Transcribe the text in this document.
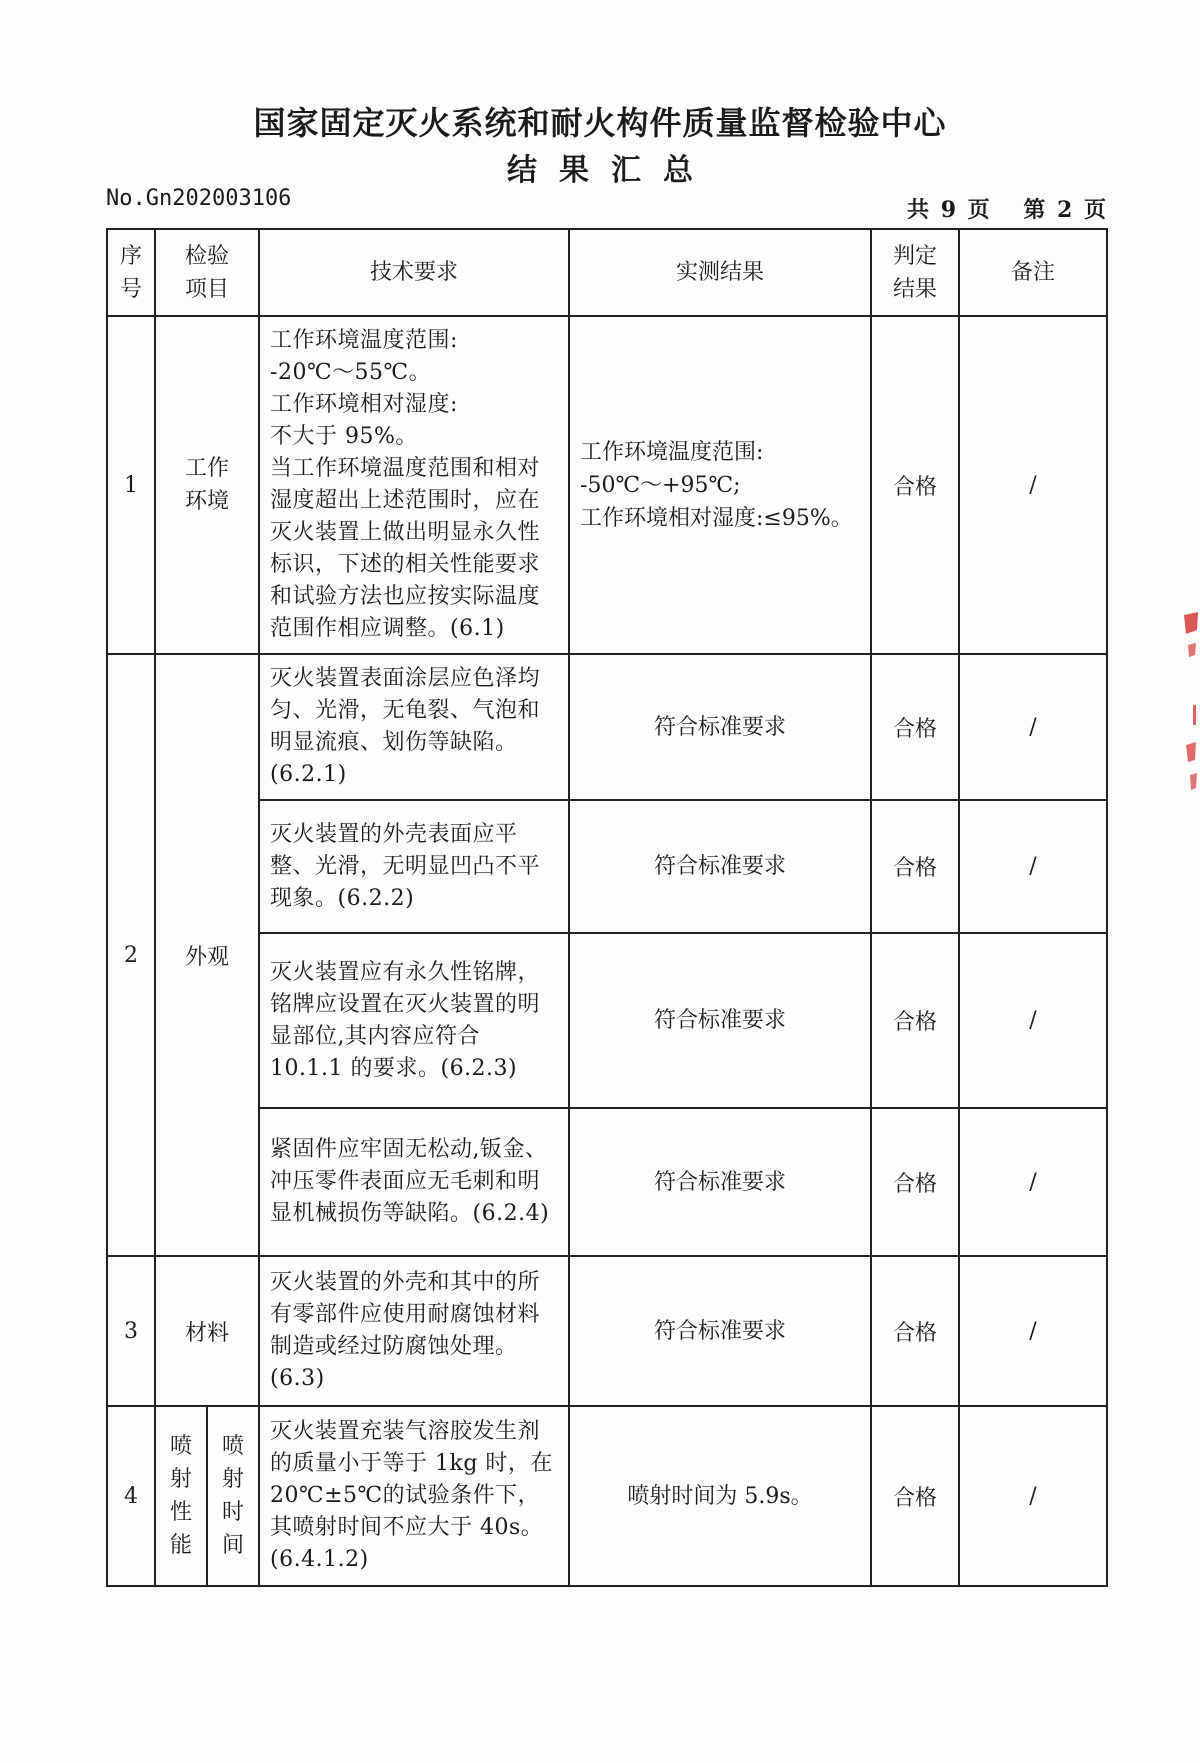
国家固定灭火系统和耐火构件质量监督检验中心
结果汇总
No.Gn202003106	共 9 页 第 2 页
序号	检验项目		技术要求	实测结果	判定结果	备注
1	工作环境		工作环境温度范围:
-20℃～55℃。
工作环境相对湿度:
不大于 95%。
当工作环境温度范围和相对湿度超出上述范围时，应在灭火装置上做出明显永久性标识，下述的相关性能要求和试验方法也应按实际温度范围作相应调整。(6.1)	工作环境温度范围:
-50℃～+95℃;
工作环境相对湿度:≤95%。	合格	/
2	外观		灭火装置表面涂层应色泽均匀、光滑，无龟裂、气泡和明显流痕、划伤等缺陷。(6.2.1)	符合标准要求	合格	/
			灭火装置的外壳表面应平整、光滑，无明显凹凸不平现象。(6.2.2)	符合标准要求	合格	/
			灭火装置应有永久性铭牌，铭牌应设置在灭火装置的明显部位,其内容应符合 10.1.1 的要求。(6.2.3)	符合标准要求	合格	/
			紧固件应牢固无松动,钣金、冲压零件表面应无毛刺和明显机械损伤等缺陷。(6.2.4)	符合标准要求	合格	/
3	材料		灭火装置的外壳和其中的所有零部件应使用耐腐蚀材料制造或经过防腐蚀处理。(6.3)	符合标准要求	合格	/
4	喷射性能	喷射时间	灭火装置充装气溶胶发生剂的质量小于等于 1kg 时，在 20℃±5℃的试验条件下，其喷射时间不应大于 40s。(6.4.1.2)	喷射时间为 5.9s。	合格	/
